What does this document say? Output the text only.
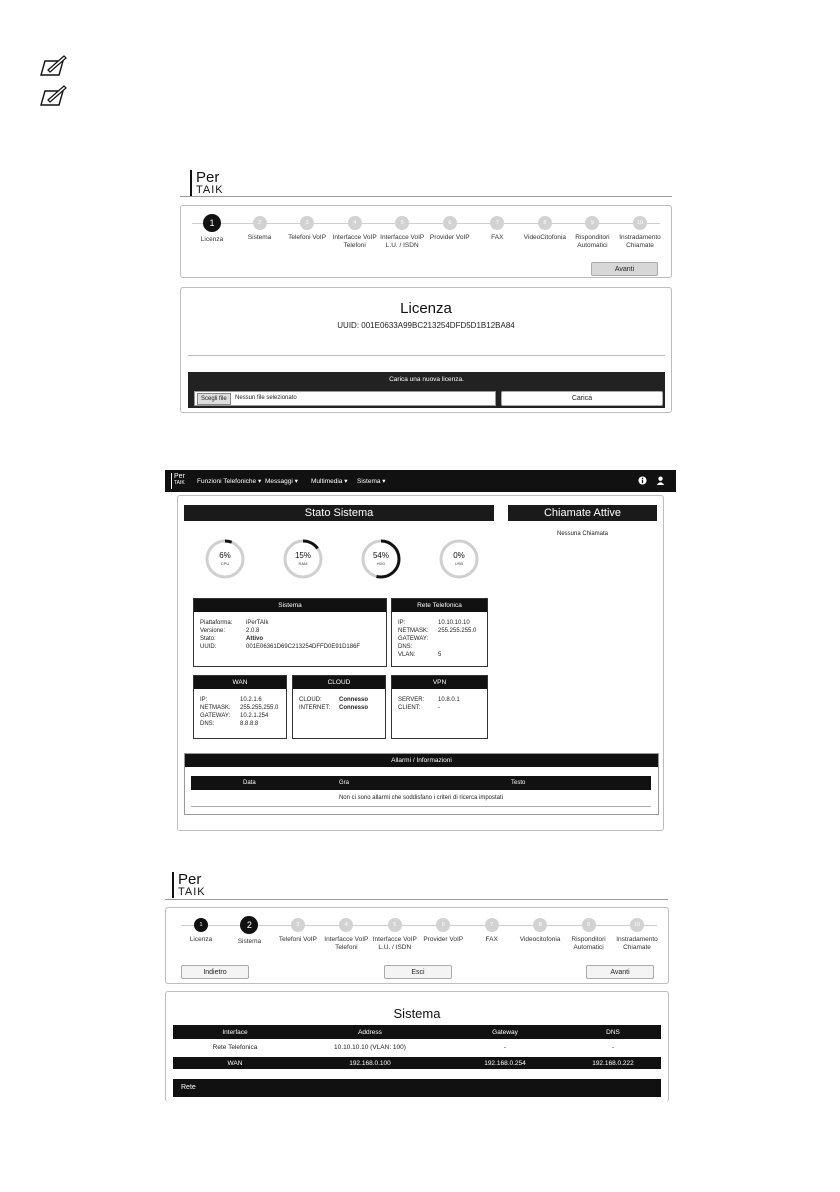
Per
TAIK
1
Licenza
2
Sistema
3
Telefoni VoIP
4
Interfacce VoIP
Telefoni
5
Interfacce VoIP
L.U. / ISDN
6
Provider VoIP
7
FAX
8
VideoCitofonia
9
Risponditori
Automatici
10
Instradamento
Chiamate
Avanti
Licenza
UUID: 001E0633A99BC213254DFD5D1B12BA84
Carica una nuova licenza.
Scegli file	Nessun file selezionato	Carica
Per
TAIK Funzioni Telefoniche ▾ Messaggi ▾ Multimedia ▾ Sistema ▾
Stato Sistema	Chiamate Attive
Nessuna Chiamata
6%
CPU
15%
RAM
54%
HDD
0%
USB
Sistema
Piattaforma: iPerTAIk
Versione:	2.0.8
Stato:	Attivo
UUID:	001E06361D69C213254DFFD0E91D186F
Rete Telefonica
IP:	10.10.10.10
NETMASK: 255.255.255.0
GATEWAY:
DNS:
VLAN:	5
WAN
IP:	10.2.1.6
NETMASK: 255.255.255.0
GATEWAY: 10.2.1.254
DNS:	8.8.8.8
CLOUD
CLOUD:	Connesso
INTERNET: Connesso
VPN
SERVER: 10.8.0.1
CLIENT:	-
Allarmi / Informazioni
Data	Gra	Testo
Non ci sono allarmi che soddisfano i criteri di ricerca impostati
Per
TAIK
1
Licenza
2
Sistema
3
Telefoni VoIP
4
Interfacce VoIP
Telefoni
5
Interfacce VoIP
L.U. / ISDN
6
Provider VoIP
7
FAX
8
Videocitofonia
9
Risponditori
Automatici
10
Instradamento
Chiamate
Indietro	Esci	Avanti
Sistema
Interface	Address	Gateway	DNS
Rete Telefonica	10.10.10.10 (VLAN: 100)	-	-
WAN	192.168.0.100	192.168.0.254	192.168.0.222
Rete
